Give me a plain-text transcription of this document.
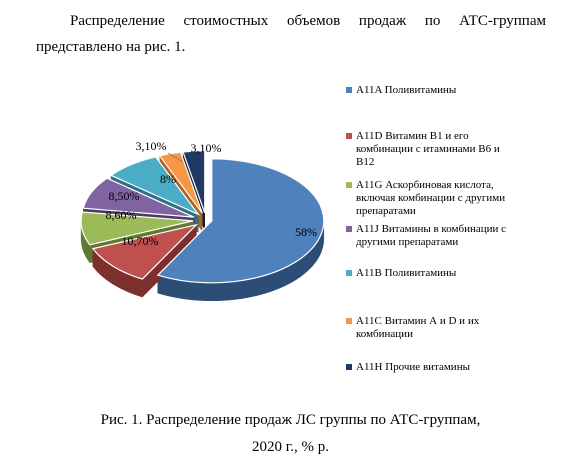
Распределение стоимостных объемов продаж по АТС-группам представлено на рис. 1.
58%
10,70%
8,60%
8,50%
8%
3,10% 3,10%
A11A Поливитамины
A11D Витамин В1 и его
комбинации с итаминами В6 и
В12
A11G Аскорбиновая кислота,
включая комбинации с другими
препаратами
A11J Витамины в комбинации с
другими препаратами
A11B Поливитамины
A11C Витамин А и D и их
комбинации
A11H Прочие витамины
Рис. 1. Распределение продаж ЛС группы по АТС-группам,
2020 г., % р.
